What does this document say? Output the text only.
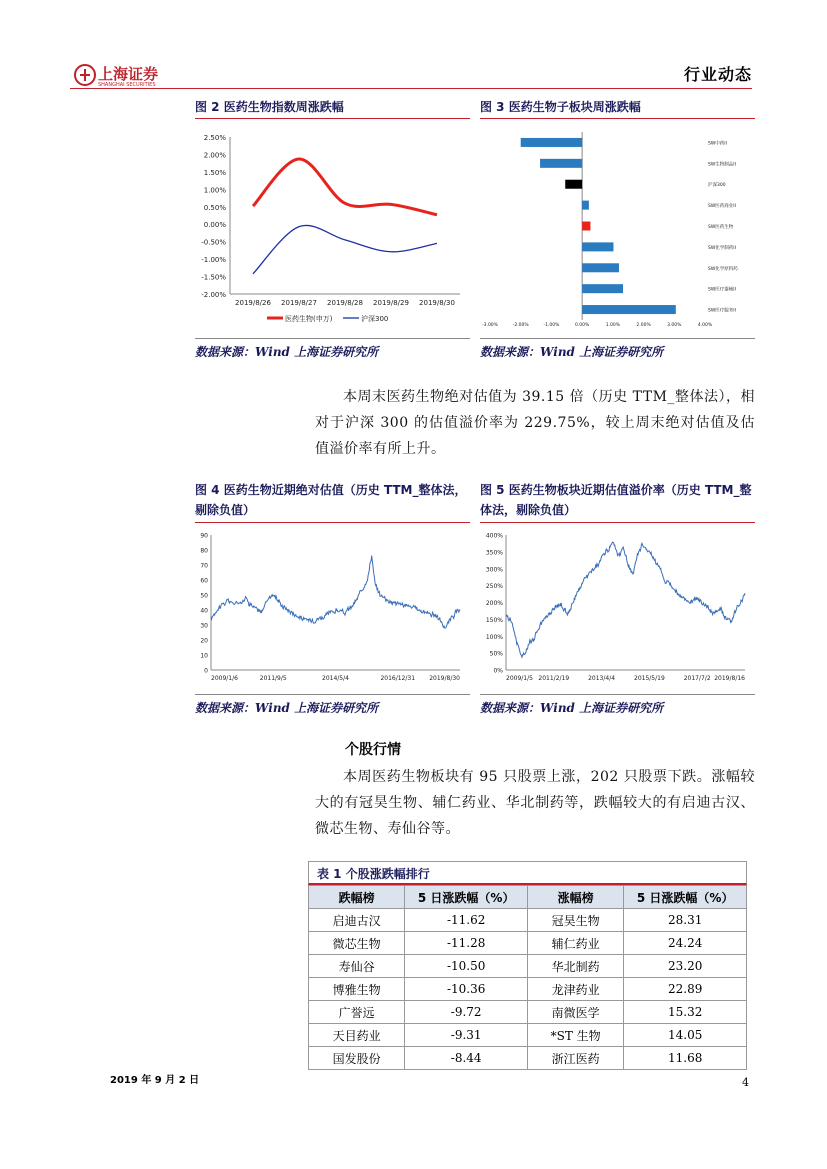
上海证券
SHANGHAI SECURITIES
行业动态
图 2 医药生物指数周涨跌幅
2.50%
2.00%
1.50%
1.00%
0.50%
0.00%
-0.50%
-1.00%
-1.50%
-2.00%
2019/8/26 2019/8/27 2019/8/28 2019/8/29 2019/8/30
医药生物(申万)	沪深300
数据来源：Wind 上海证券研究所
图 3 医药生物子板块周涨跌幅
SW中药II
SW生物制品II
沪深300
SW医药商业II
SW医药生物
SW化学制药II
SW化学原料药
SW医疗器械II
SW医疗服务II
-3.00%	-2.00%	-1.00%	0.00%	1.00%	2.00%	3.00%	4.00%
数据来源：Wind 上海证券研究所
本周末医药生物绝对估值为 39.15 倍（历史 TTM_整体法），相对于沪深 300 的估值溢价率为 229.75%，较上周末绝对估值及估值溢价率有所上升。
图 4 医药生物近期绝对估值（历史 TTM_整体法，剔除负值）
0
10
20
30
40
50
60
70
80
90
2009/1/6	2011/9/5	2014/5/4	2016/12/31 2019/8/30
数据来源：Wind 上海证券研究所
图 5 医药生物板块近期估值溢价率（历史 TTM_整体法，剔除负值）
0%
50%
100%
150%
200%
250%
300%
350%
400%
2009/1/5 2011/2/19	2013/4/4	2015/5/19	2017/7/2 2019/8/16
数据来源：Wind 上海证券研究所
个股行情
本周医药生物板块有 95 只股票上涨，202 只股票下跌。涨幅较大的有冠昊生物、辅仁药业、华北制药等，跌幅较大的有启迪古汉、微芯生物、寿仙谷等。
表 1 个股涨跌幅排行
跌幅榜	5 日涨跌幅（%）	涨幅榜	5 日涨跌幅（%）
启迪古汉	-11.62	冠昊生物	28.31
微芯生物	-11.28	辅仁药业	24.24
寿仙谷	-10.50	华北制药	23.20
博雅生物	-10.36	龙津药业	22.89
广誉远	-9.72	南微医学	15.32
天目药业	-9.31	*ST 生物	14.05
国发股份	-8.44	浙江医药	11.68
2019 年 9 月 2 日	4
